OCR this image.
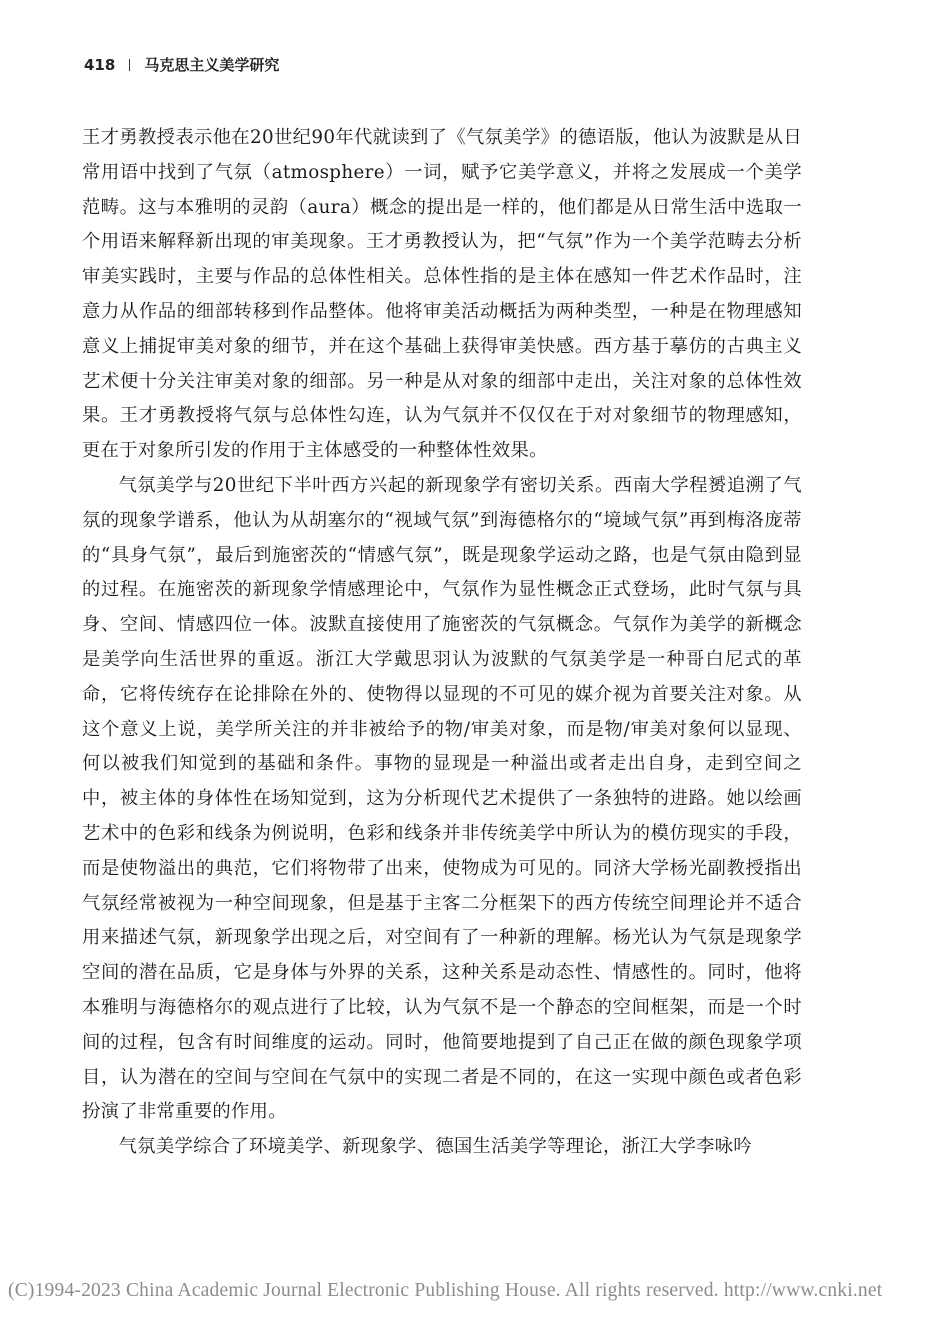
418 马克思主义美学研究

王才勇教授表示他在20世纪90年代就读到了《气氛美学》的德语版，他认为波默是从日常用语中找到了气氛（atmosphere）一词，赋予它美学意义，并将之发展成一个美学范畴。这与本雅明的灵韵（aura）概念的提出是一样的，他们都是从日常生活中选取一个用语来解释新出现的审美现象。王才勇教授认为，把“气氛”作为一个美学范畴去分析审美实践时，主要与作品的总体性相关。总体性指的是主体在感知一件艺术作品时，注意力从作品的细部转移到作品整体。他将审美活动概括为两种类型，一种是在物理感知意义上捕捉审美对象的细节，并在这个基础上获得审美快感。西方基于摹仿的古典主义艺术便十分关注审美对象的细部。另一种是从对象的细部中走出，关注对象的总体性效果。王才勇教授将气氛与总体性勾连，认为气氛并不仅仅在于对对象细节的物理感知，更在于对象所引发的作用于主体感受的一种整体性效果。

气氛美学与20世纪下半叶西方兴起的新现象学有密切关系。西南大学程赟追溯了气氛的现象学谱系，他认为从胡塞尔的“视域气氛”到海德格尔的“境域气氛”再到梅洛庞蒂的“具身气氛”，最后到施密茨的“情感气氛”，既是现象学运动之路，也是气氛由隐到显的过程。在施密茨的新现象学情感理论中，气氛作为显性概念正式登场，此时气氛与具身、空间、情感四位一体。波默直接使用了施密茨的气氛概念。气氛作为美学的新概念是美学向生活世界的重返。浙江大学戴思羽认为波默的气氛美学是一种哥白尼式的革命，它将传统存在论排除在外的、使物得以显现的不可见的媒介视为首要关注对象。从这个意义上说，美学所关注的并非被给予的物/审美对象，而是物/审美对象何以显现、何以被我们知觉到的基础和条件。事物的显现是一种溢出或者走出自身，走到空间之中，被主体的身体性在场知觉到，这为分析现代艺术提供了一条独特的进路。她以绘画艺术中的色彩和线条为例说明，色彩和线条并非传统美学中所认为的模仿现实的手段，而是使物溢出的典范，它们将物带了出来，使物成为可见的。同济大学杨光副教授指出气氛经常被视为一种空间现象，但是基于主客二分框架下的西方传统空间理论并不适合用来描述气氛，新现象学出现之后，对空间有了一种新的理解。杨光认为气氛是现象学空间的潜在品质，它是身体与外界的关系，这种关系是动态性、情感性的。同时，他将本雅明与海德格尔的观点进行了比较，认为气氛不是一个静态的空间框架，而是一个时间的过程，包含有时间维度的运动。同时，他简要地提到了自己正在做的颜色现象学项目，认为潜在的空间与空间在气氛中的实现二者是不同的，在这一实现中颜色或者色彩扮演了非常重要的作用。

气氛美学综合了环境美学、新现象学、德国生活美学等理论，浙江大学李咏吟

(C)1994-2023 China Academic Journal Electronic Publishing House. All rights reserved. http://www.cnki.net
